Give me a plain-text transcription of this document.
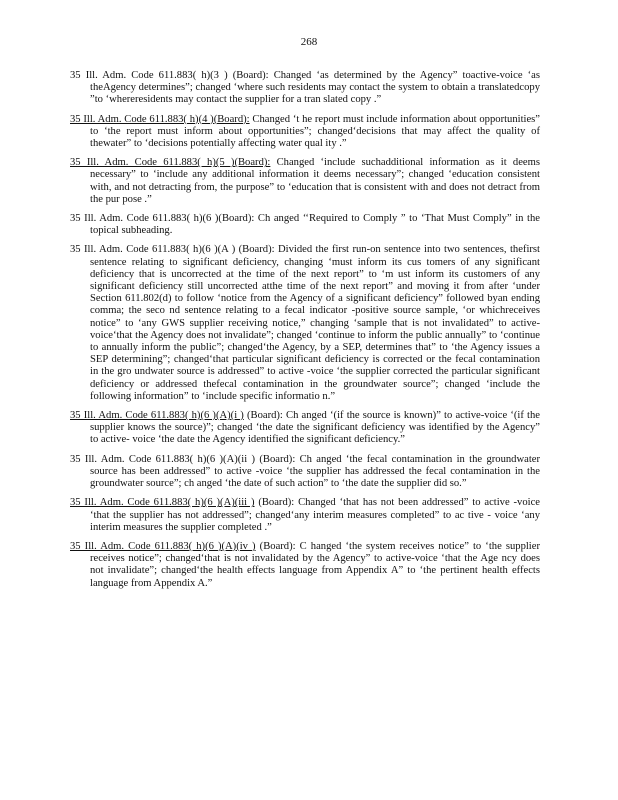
268

35 Ill. Adm. Code 611.883( h)(3 ) (Board): Changed ‘as determined by the Agency” toactive-voice ‘as theAgency determines”; changed ‘where such residents may contact the system to obtain a translatedcopy ”to ‘whereresidents may contact the supplier for a tran slated copy .”

35 Ill. Adm. Code 611.883( h)(4 )(Board): Changed ‘t he report must include information about opportunities” to ‘the report must inform about opportunities”; changed‘decisions that may affect the quality of thewater” to ‘decisions potentially affecting water qual ity .”

35 Ill. Adm. Code 611.883( h)(5 )(Board): Changed ‘include suchadditional information as it deems necessary” to ‘include any additional information it deems necessary”; changed ‘education consistent with, and not detracting from, the purpose” to ‘education that is consistent with and does not detract from the pur pose .”

35 Ill. Adm. Code 611.883( h)(6 )(Board): Ch anged ‘‘Required to Comply ” to ‘That Must Comply” in the topical subheading.

35 Ill. Adm. Code 611.883( h)(6 )(A ) (Board): Divided the first run-on sentence into two sentences, thefirst sentence relating to significant deficiency, changing ‘must inform its cus tomers of any significant deficiency that is uncorrected at the time of the next report” to ‘m ust inform its customers of any significant deficiency still uncorrected atthe time of the next report” and moving it from after ‘under Section 611.802(d) to follow ‘notice from the Agency of a significant deficiency” followed byan ending comma; the seco nd sentence relating to a fecal indicator -positive source sample, ‘or whichreceives notice” to ‘any GWS supplier receiving notice,” changing ‘sample that is not invalidated” to active- voice‘that the Agency does not invalidate”; changed ‘continue to inform the public annually” to ‘continue to annually inform the public”; changed‘the Agency, by a SEP, determines that” to ‘the Agency issues a SEP determining”; changed‘that particular significant deficiency is corrected or the fecal contamination in the gro undwater source is addressed” to active -voice ‘the supplier corrected the particular significant deficiency or addressed thefecal contamination in the groundwater source”; changed ‘include the following information” to ‘include specific informatio n.”

35 Ill. Adm. Code 611.883( h)(6 )(A)(i ) (Board): Ch anged ‘(if the source is known)” to active-voice ‘(if the supplier knows the source)”; changed ‘the date the significant deficiency was identified by the Agency” to active- voice ‘the date the Agency identified the significant deficiency.”

35 Ill. Adm. Code 611.883( h)(6 )(A)(ii ) (Board): Ch anged ‘the fecal contamination in the groundwater source has been addressed” to active -voice ‘the supplier has addressed the fecal contamination in the groundwater source”; ch anged ‘the date of such action” to ‘the date the supplier did so.”

35 Ill. Adm. Code 611.883( h)(6 )(A)(iii ) (Board): Changed ‘that has not been addressed” to active -voice ‘that the supplier has not addressed”; changed‘any interim measures completed” to ac tive - voice ‘any interim measures the supplier completed .”

35 Ill. Adm. Code 611.883( h)(6 )(A)(iv ) (Board): C hanged ‘the system receives notice” to ‘the supplier receives notice”; changed‘that is not invalidated by the Agency” to active-voice ‘that the Age ncy does not invalidate”; changed‘the health effects language from Appendix A” to ‘the pertinent health effects language from Appendix A.”
